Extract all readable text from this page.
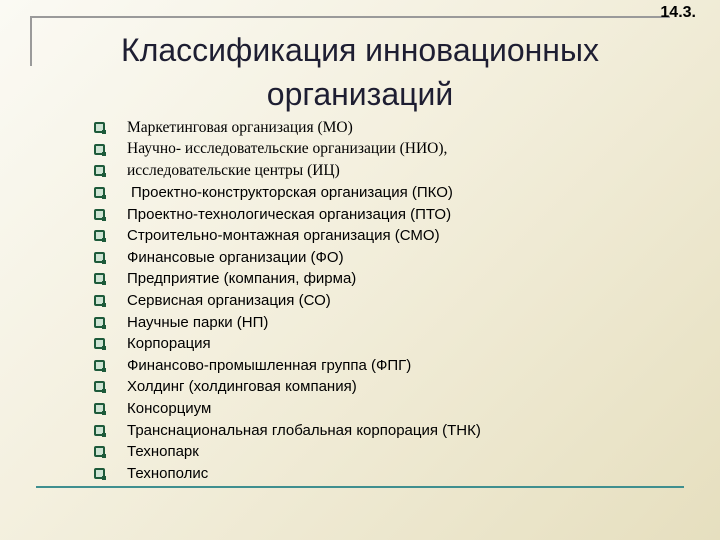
14.3.
Классификация инновационных
организаций
Маркетинговая организация (МО)
Научно- исследовательские организации (НИО),
исследовательские центры (ИЦ)
Проектно-конструкторская организация (ПКО)
Проектно-технологическая организация (ПТО)
Строительно-монтажная организация (СМО)
Финансовые организации (ФО)
Предприятие (компания, фирма)
Сервисная организация (СО)
Научные парки (НП)
Корпорация
Финансово-промышленная группа (ФПГ)
Холдинг (холдинговая компания)
Консорциум
Транснациональная глобальная корпорация (ТНК)
Технопарк
Технополис
